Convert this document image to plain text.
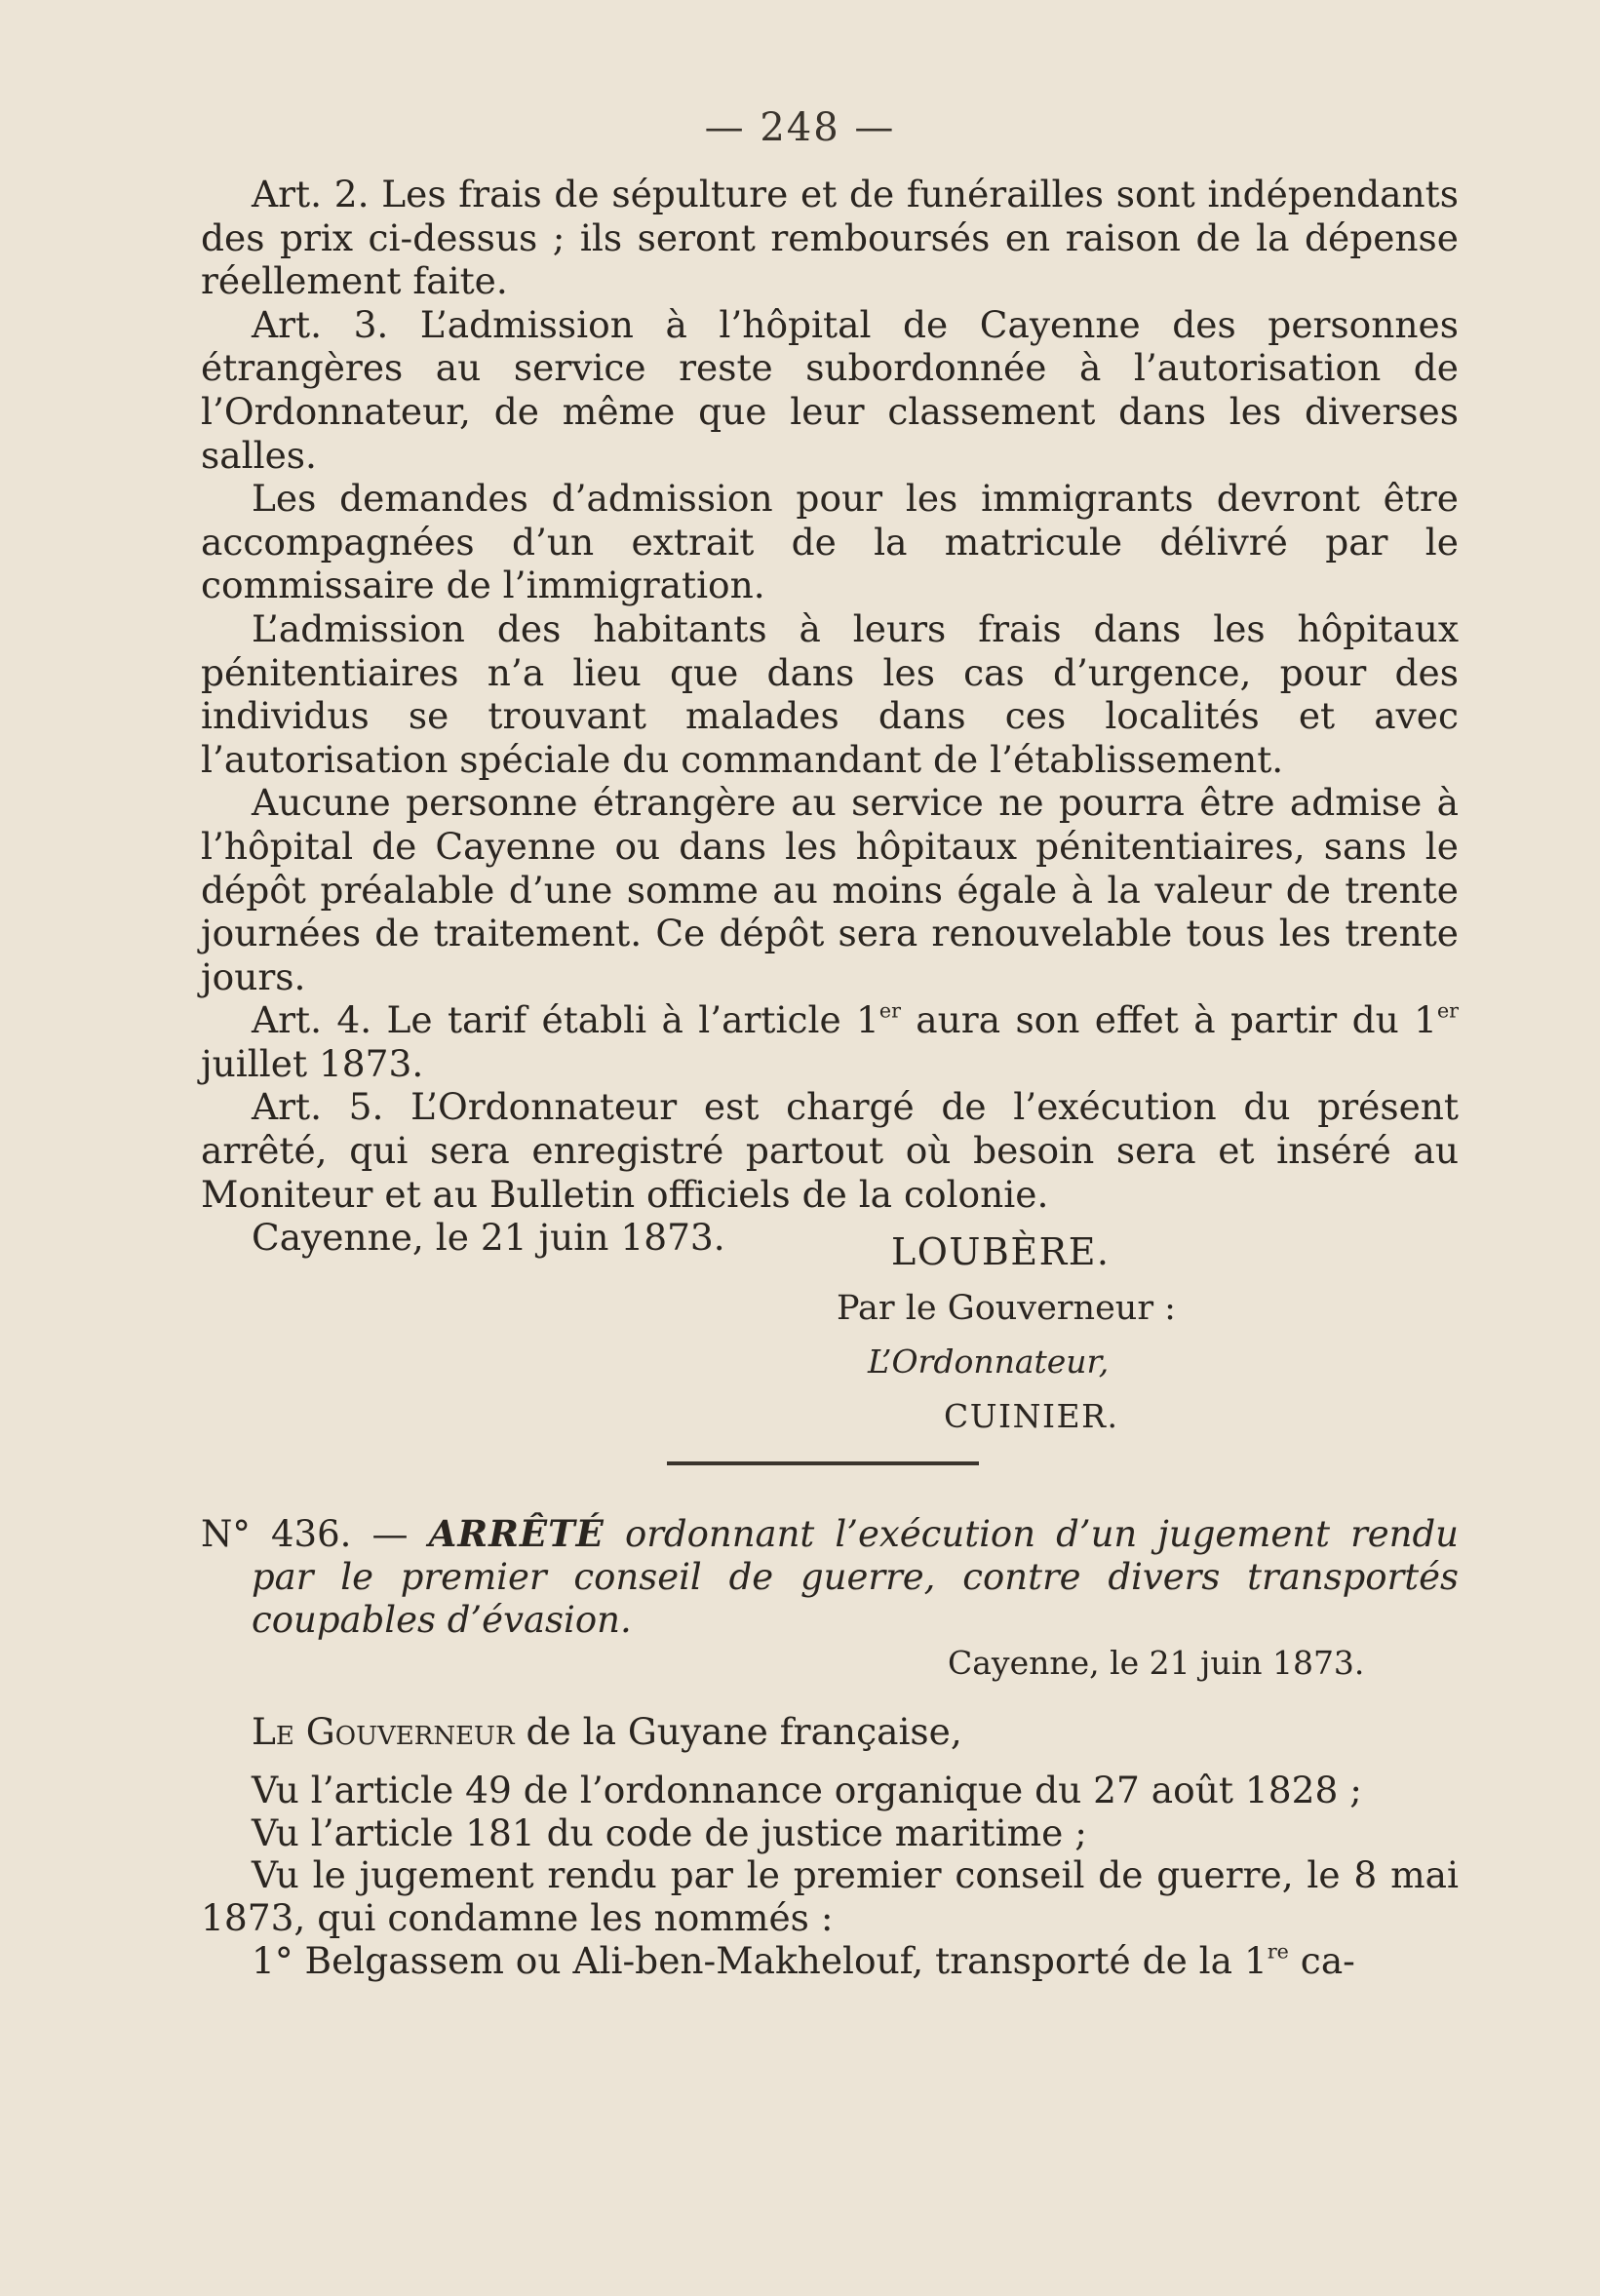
— 248 —

Art. 2. Les frais de sépulture et de funérailles sont indépendants des prix ci-dessus ; ils seront remboursés en raison de la dépense réellement faite.

Art. 3. L’admission à l’hôpital de Cayenne des personnes étrangères au service reste subordonnée à l’autorisation de l’Ordonnateur, de même que leur classement dans les diverses salles.

Les demandes d’admission pour les immigrants devront être accompagnées d’un extrait de la matricule délivré par le commissaire de l’immigration.

L’admission des habitants à leurs frais dans les hôpitaux pénitentiaires n’a lieu que dans les cas d’urgence, pour des individus se trouvant malades dans ces localités et avec l’autorisation spéciale du commandant de l’établissement.

Aucune personne étrangère au service ne pourra être admise à l’hôpital de Cayenne ou dans les hôpitaux pénitentiaires, sans le dépôt préalable d’une somme au moins égale à la valeur de trente journées de traitement. Ce dépôt sera renouvelable tous les trente jours.

Art. 4. Le tarif établi à l’article 1er aura son effet à partir du 1er juillet 1873.

Art. 5. L’Ordonnateur est chargé de l’exécution du présent arrêté, qui sera enregistré partout où besoin sera et inséré au Moniteur et au Bulletin officiels de la colonie.

Cayenne, le 21 juin 1873.	LOUBÈRE.
Par le Gouverneur :
L’Ordonnateur,
CUINIER.

N° 436. — ARRÊTÉ ordonnant l’exécution d’un jugement rendu par le premier conseil de guerre, contre divers transportés coupables d’évasion.

Cayenne, le 21 juin 1873.

Le Gouverneur de la Guyane française,

Vu l’article 49 de l’ordonnance organique du 27 août 1828 ;

Vu l’article 181 du code de justice maritime ;

Vu le jugement rendu par le premier conseil de guerre, le 8 mai 1873, qui condamne les nommés :

1° Belgassem ou Ali-ben-Makhelouf, transporté de la 1re ca-
